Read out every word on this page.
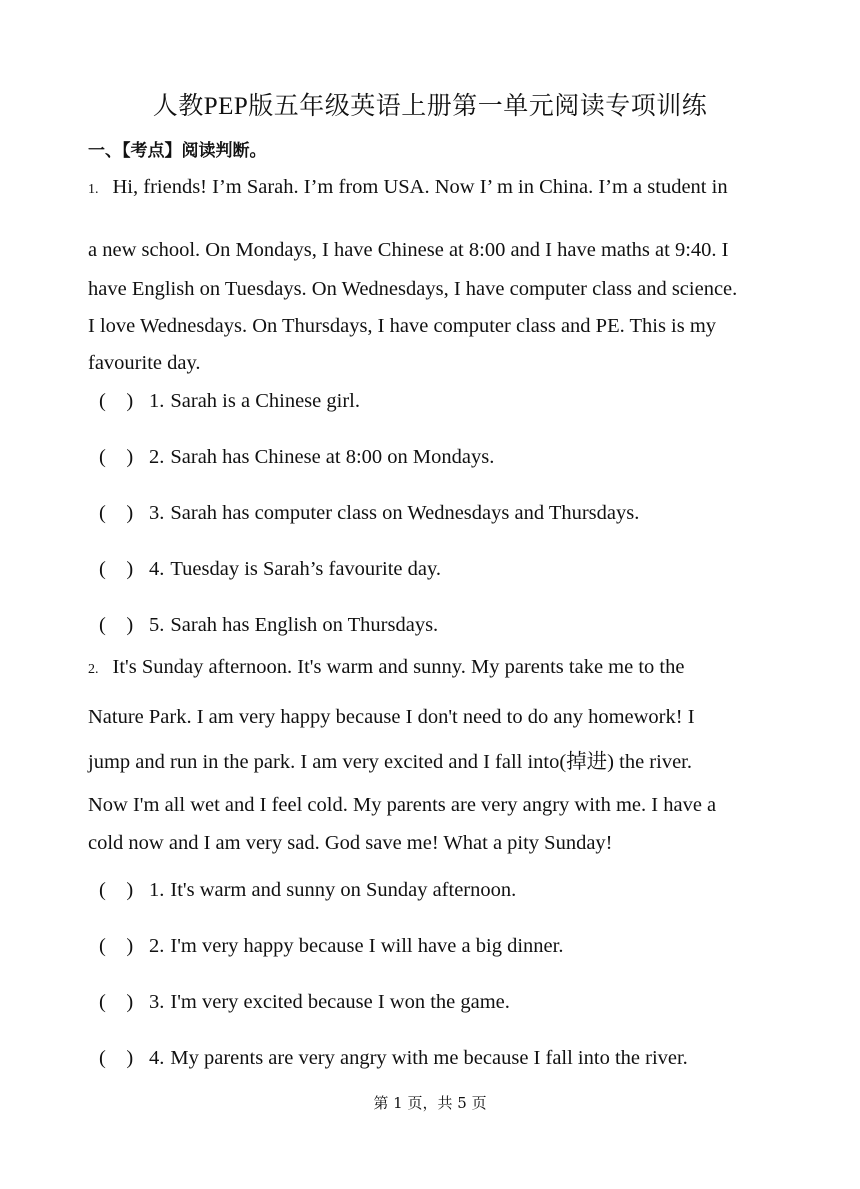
人教PEP版五年级英语上册第一单元阅读专项训练
一、【考点】阅读判断。
1. Hi, friends! I’m Sarah. I’m from USA. Now I’ m in China. I’m a student in
a new school. On Mondays, I have Chinese at 8:00 and I have maths at 9:40. I
have English on Tuesdays. On Wednesdays, I have computer class and science.
I love Wednesdays. On Thursdays, I have computer class and PE. This is my
favourite day.
(　) 1. Sarah is a Chinese girl.
(　) 2. Sarah has Chinese at 8:00 on Mondays.
(　) 3. Sarah has computer class on Wednesdays and Thursdays.
(　) 4. Tuesday is Sarah’s favourite day.
(　) 5. Sarah has English on Thursdays.
2. It's Sunday afternoon. It's warm and sunny. My parents take me to the
Nature Park. I am very happy because I don't need to do any homework! I
jump and run in the park. I am very excited and I fall into(掉进) the river.
Now I'm all wet and I feel cold. My parents are very angry with me. I have a
cold now and I am very sad. God save me! What a pity Sunday!
(　) 1. It's warm and sunny on Sunday afternoon.
(　) 2. I'm very happy because I will have a big dinner.
(　) 3. I'm very excited because I won the game.
(　) 4. My parents are very angry with me because I fall into the river.
第 1 页，共 5 页
